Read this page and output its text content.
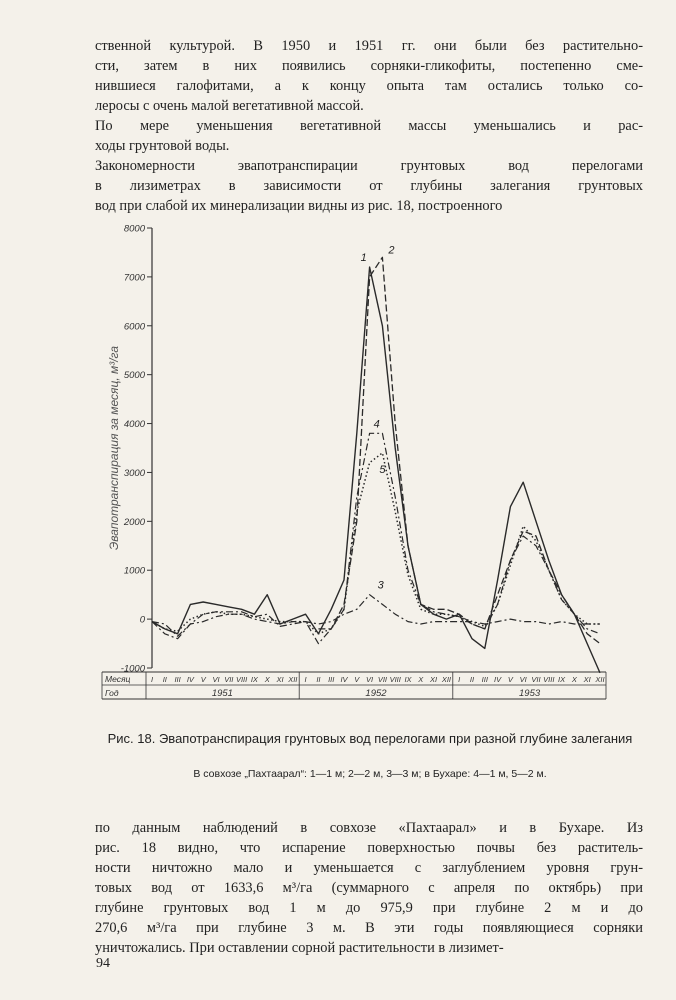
ственной культурой. В 1950 и 1951 гг. они были без растительно-
сти, затем в них появились сорняки-гликофиты, постепенно сме-
нившиеся галофитами, а к концу опыта там остались только со-
леросы с очень малой вегетативной массой.
По мере уменьшения вегетативной массы уменьшались и рас-
ходы грунтовой воды.
Закономерности эвапотранспирации грунтовых вод перелогами
в лизиметрах в зависимости от глубины залегания грунтовых
вод при слабой их минерализации видны из рис. 18, построенного
8000
7000
6000
5000
4000
3000
2000
1000
0
-1000
Эвапотранспирация за месяц, м³/га
Месяц
Год
I II III IV V VI VII VIII IX X XI XII I II III IV V VI VII VIII IX X XI XII I II III IV V VI VII VIII IX X XI XII
1951	1952	1953
1
2
3
4
5
Рис. 18. Эвапотранспирация грунтовых вод перелогами при разной глубине залегания
В совхозе „Пахтаарал“: 1—1 м; 2—2 м, 3—3 м; в Бухаре: 4—1 м, 5—2 м.
по данным наблюдений в совхозе «Пахтаарал» и в Бухаре. Из
рис. 18 видно, что испарение поверхностью почвы без раститель-
ности ничтожно мало и уменьшается с заглублением уровня грун-
товых вод от 1633,6 м³/га (суммарного с апреля по октябрь) при
глубине грунтовых вод 1 м до 975,9 при глубине 2 м и до
270,6 м³/га при глубине 3 м. В эти годы появляющиеся сорняки
уничтожались. При оставлении сорной растительности в лизимет-
94
